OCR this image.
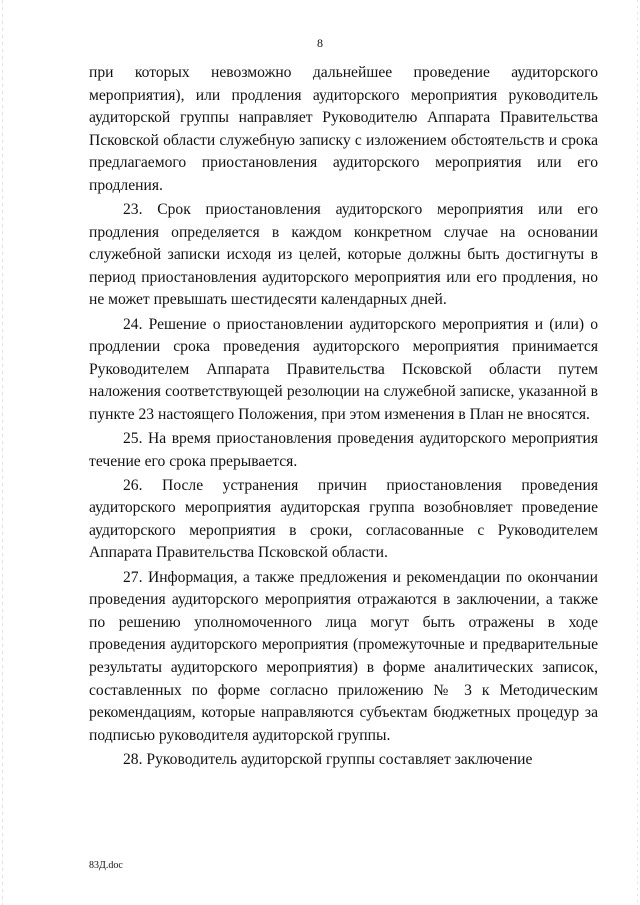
8

при которых невозможно дальнейшее проведение аудиторского мероприятия), или продления аудиторского мероприятия руководитель аудиторской группы направляет Руководителю Аппарата Правительства Псковской области служебную записку с изложением обстоятельств и срока предлагаемого приостановления аудиторского мероприятия или его продления.

23. Срок приостановления аудиторского мероприятия или его продления определяется в каждом конкретном случае на основании служебной записки исходя из целей, которые должны быть достигнуты в период приостановления аудиторского мероприятия или его продления, но не может превышать шестидесяти календарных дней.

24. Решение о приостановлении аудиторского мероприятия и (или) о продлении срока проведения аудиторского мероприятия принимается Руководителем Аппарата Правительства Псковской области путем наложения соответствующей резолюции на служебной записке, указанной в пункте 23 настоящего Положения, при этом изменения в План не вносятся.

25. На время приостановления проведения аудиторского мероприятия течение его срока прерывается.

26. После устранения причин приостановления проведения аудиторского мероприятия аудиторская группа возобновляет проведение аудиторского мероприятия в сроки, согласованные с Руководителем Аппарата Правительства Псковской области.

27. Информация, а также предложения и рекомендации по окончании проведения аудиторского мероприятия отражаются в заключении, а также по решению уполномоченного лица могут быть отражены в ходе проведения аудиторского мероприятия (промежуточные и предварительные результаты аудиторского мероприятия) в форме аналитических записок, составленных по форме согласно приложению № 3 к Методическим рекомендациям, которые направляются субъектам бюджетных процедур за подписью руководителя аудиторской группы.

28. Руководитель аудиторской группы составляет заключение

83Д.doc
